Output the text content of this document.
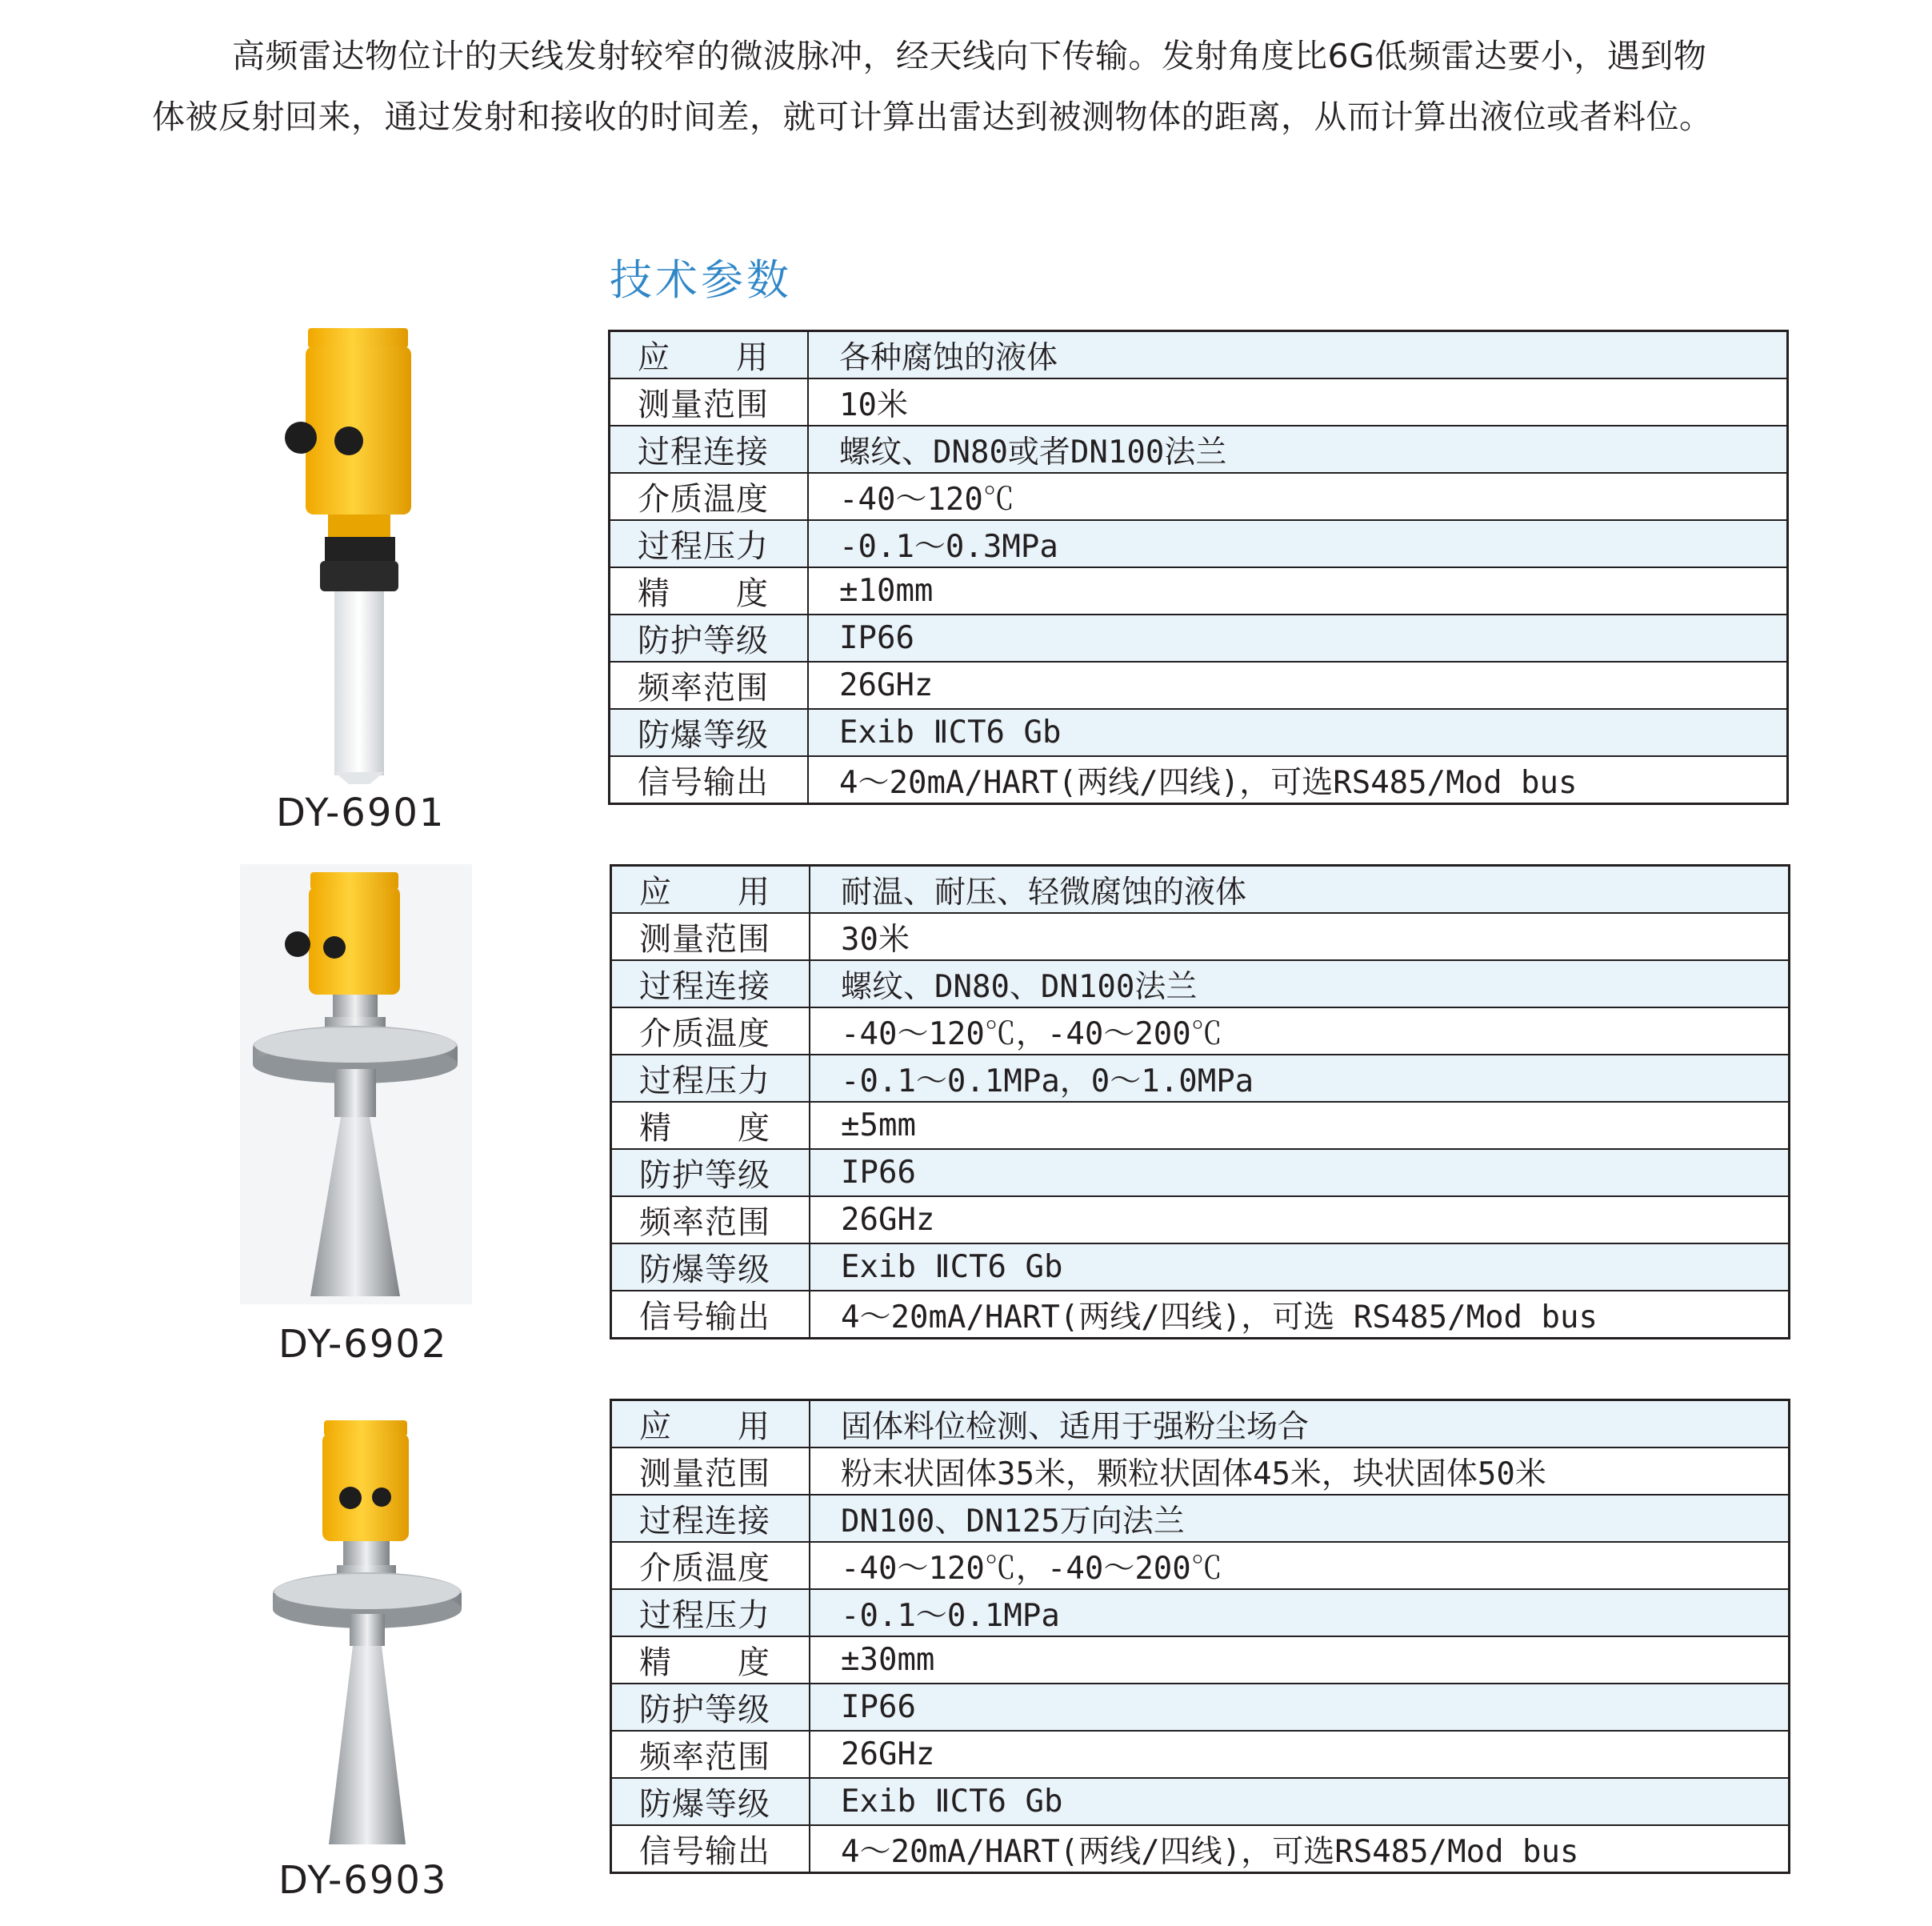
高频雷达物位计的天线发射较窄的微波脉冲，经天线向下传输。发射角度比6G低频雷达要小，遇到物

体被反射回来，通过发射和接收的时间差，就可计算出雷达到被测物体的距离，从而计算出液位或者料位。

技术参数
DY-6901
应　　用	各种腐蚀的液体
测量范围	10米
过程连接	螺纹、DN80或者DN100法兰
介质温度	-40～120℃
过程压力	-0.1～0.3MPa
精　　度	±10mm
防护等级	IP66
频率范围	26GHz
防爆等级	Exib ⅡCT6 Gb
信号输出	4～20mA/HART(两线/四线)，可选RS485/Mod bus
DY-6902
应　　用	耐温、耐压、轻微腐蚀的液体
测量范围	30米
过程连接	螺纹、DN80、DN100法兰
介质温度	-40～120℃，-40～200℃
过程压力	-0.1～0.1MPa，0～1.0MPa
精　　度	±5mm
防护等级	IP66
频率范围	26GHz
防爆等级	Exib ⅡCT6 Gb
信号输出	4～20mA/HART(两线/四线)，可选 RS485/Mod bus
DY-6903
应　　用	固体料位检测、适用于强粉尘场合
测量范围	粉末状固体35米，颗粒状固体45米，块状固体50米
过程连接	DN100、DN125万向法兰
介质温度	-40～120℃，-40～200℃
过程压力	-0.1～0.1MPa
精　　度	±30mm
防护等级	IP66
频率范围	26GHz
防爆等级	Exib ⅡCT6 Gb
信号输出	4～20mA/HART(两线/四线)，可选RS485/Mod bus
